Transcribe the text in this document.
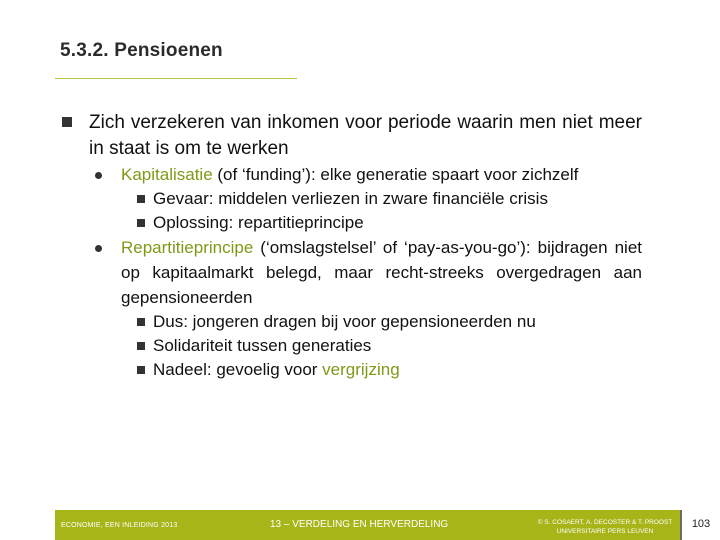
5.3.2. Pensioenen
Zich verzekeren van inkomen voor periode waarin men niet meer in staat is om te werken
Kapitalisatie (of ‘funding’): elke generatie spaart voor zichzelf
Gevaar: middelen verliezen in zware financiële crisis
Oplossing: repartitieprincipe
Repartitieprincipe (‘omslagstelsel’ of ‘pay-as-you-go’): bijdragen niet op kapitaalmarkt belegd, maar recht-streeks overgedragen aan gepensioneerden
Dus: jongeren dragen bij voor gepensioneerden nu
Solidariteit tussen generaties
Nadeel: gevoelig voor vergrijzing
ECONOMIE, EEN INLEIDING 2013	13 – VERDELING EN HERVERDELING	© S. COSAERT, A. DECOSTER & T. PROOST
UNIVERSITAIRE PERS LEUVEN
103
